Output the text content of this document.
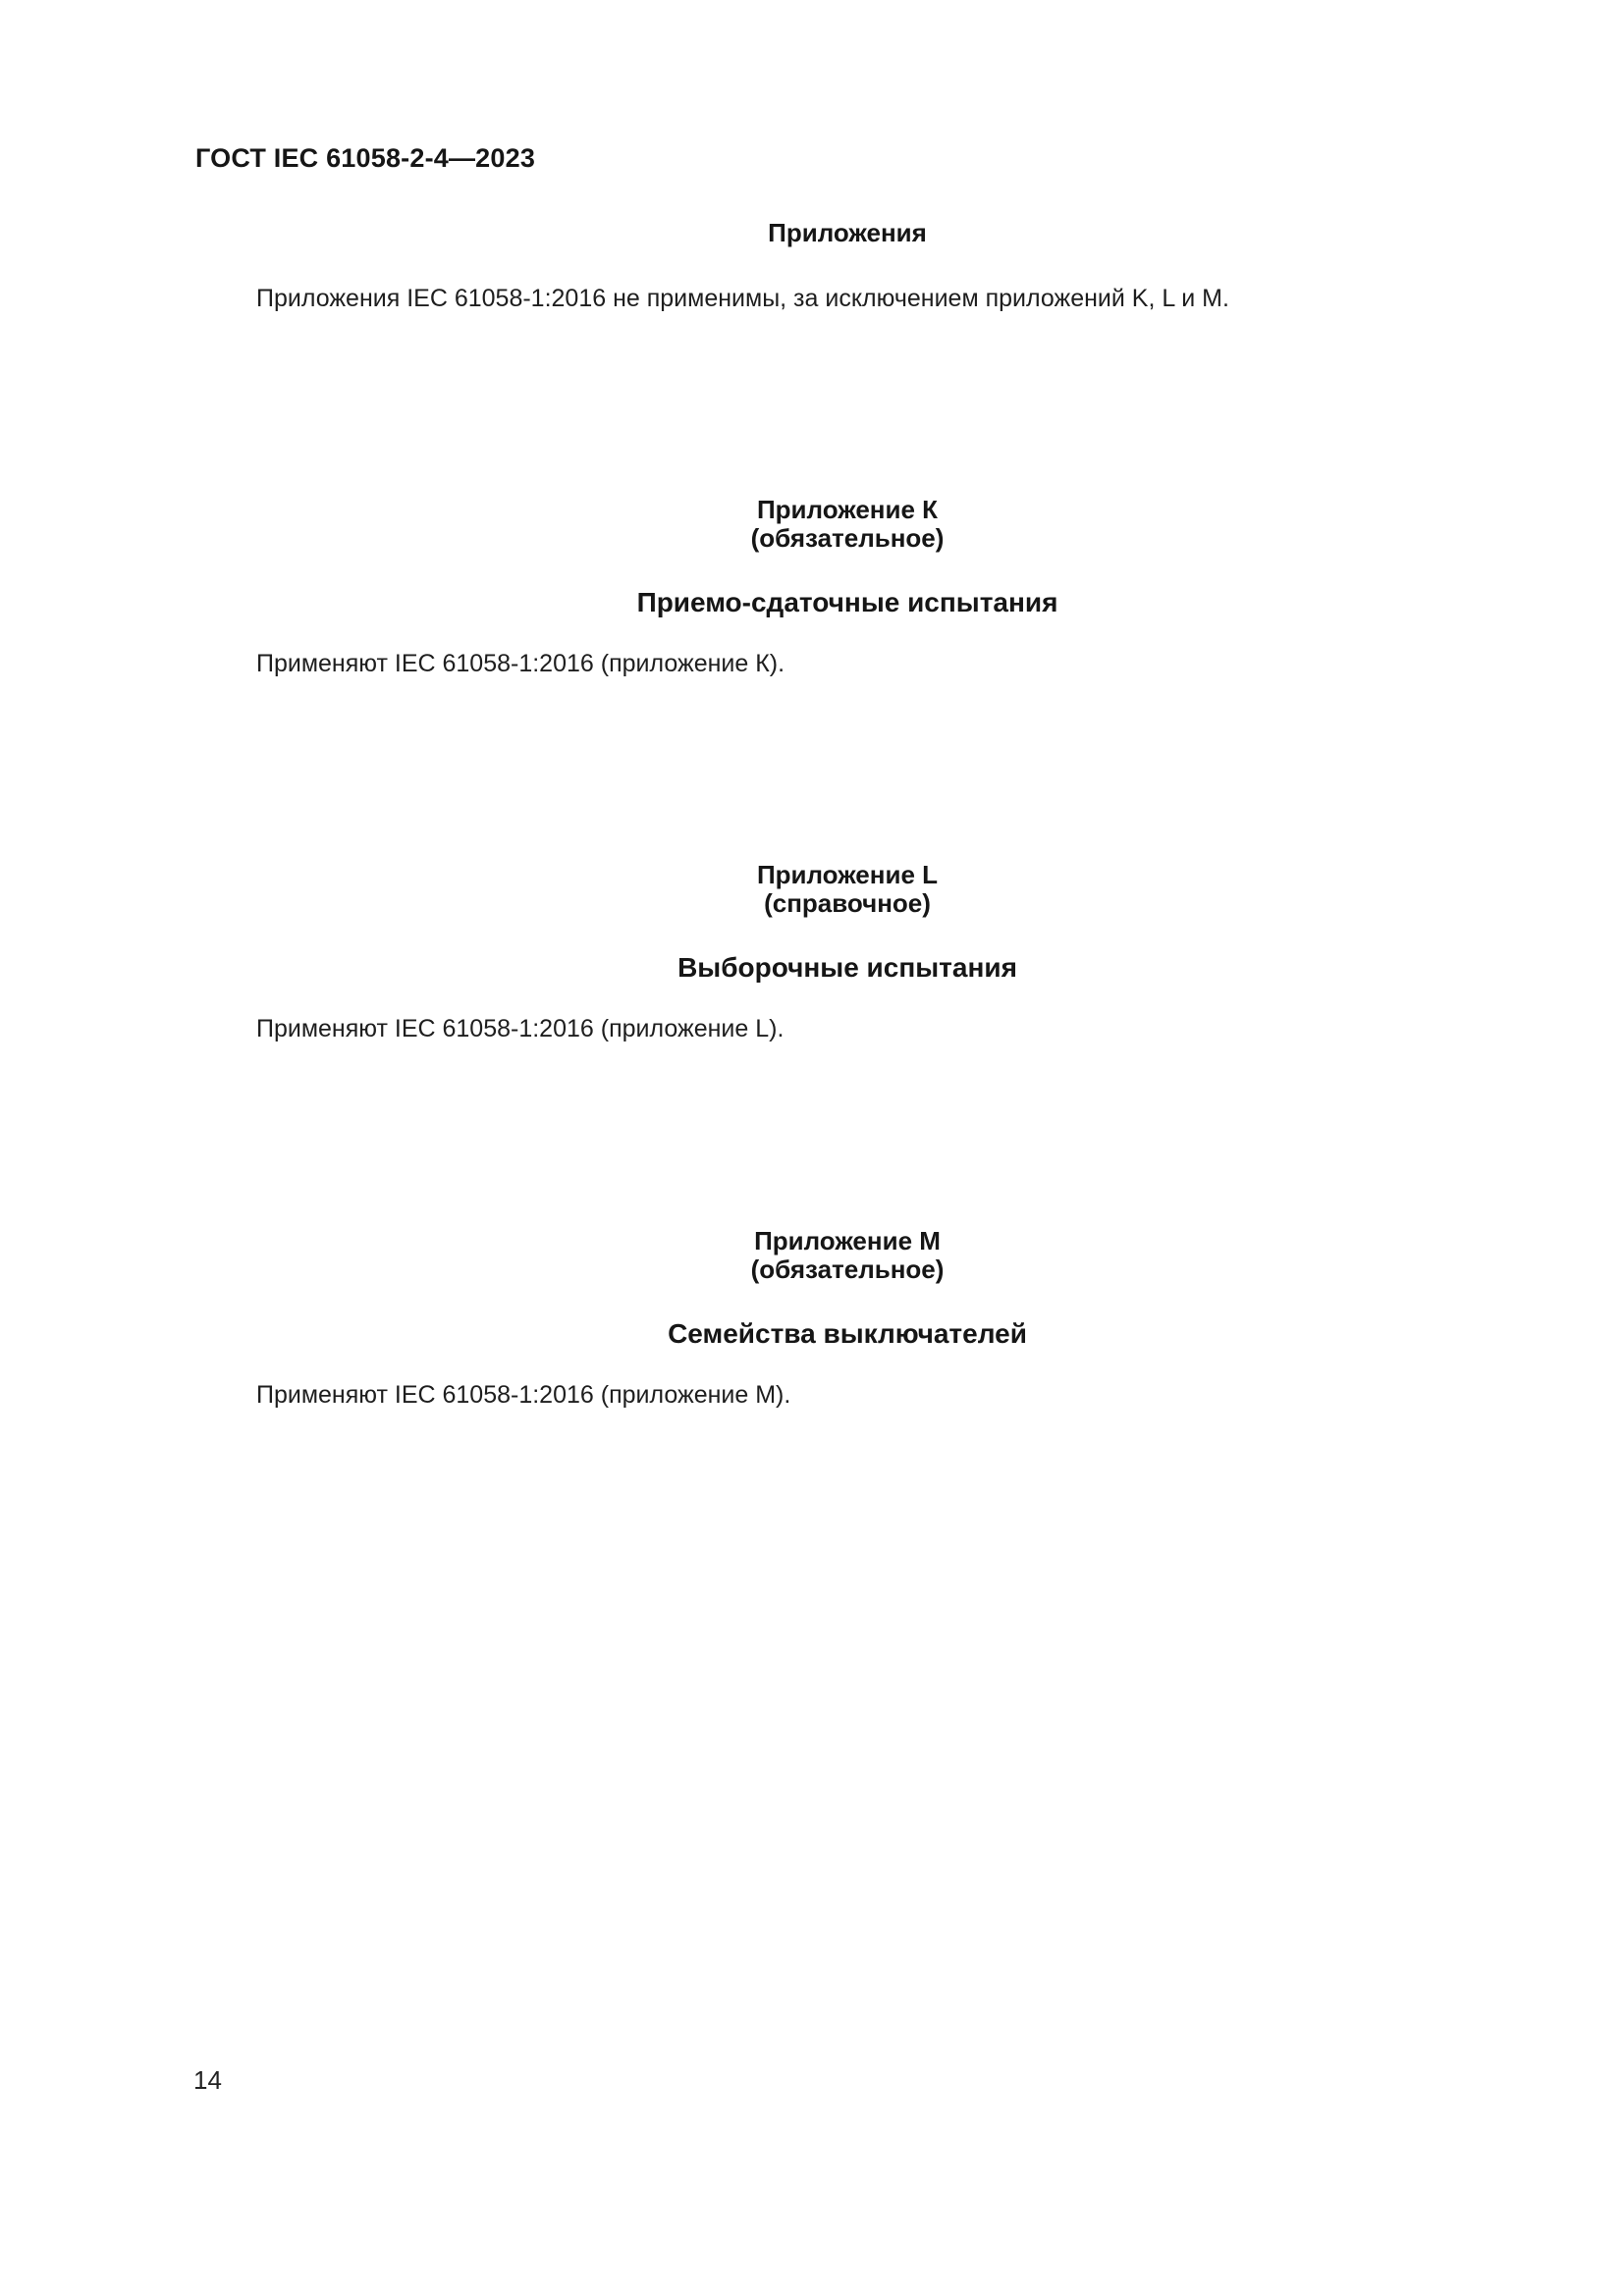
ГОСТ IEC 61058-2-4—2023
Приложения
Приложения IEC 61058-1:2016 не применимы, за исключением приложений K, L и М.
Приложение К
(обязательное)
Приемо-сдаточные испытания
Применяют IEC 61058-1:2016 (приложение К).
Приложение L
(справочное)
Выборочные испытания
Применяют IEC 61058-1:2016 (приложение L).
Приложение М
(обязательное)
Семейства выключателей
Применяют IEC 61058-1:2016 (приложение М).
14
